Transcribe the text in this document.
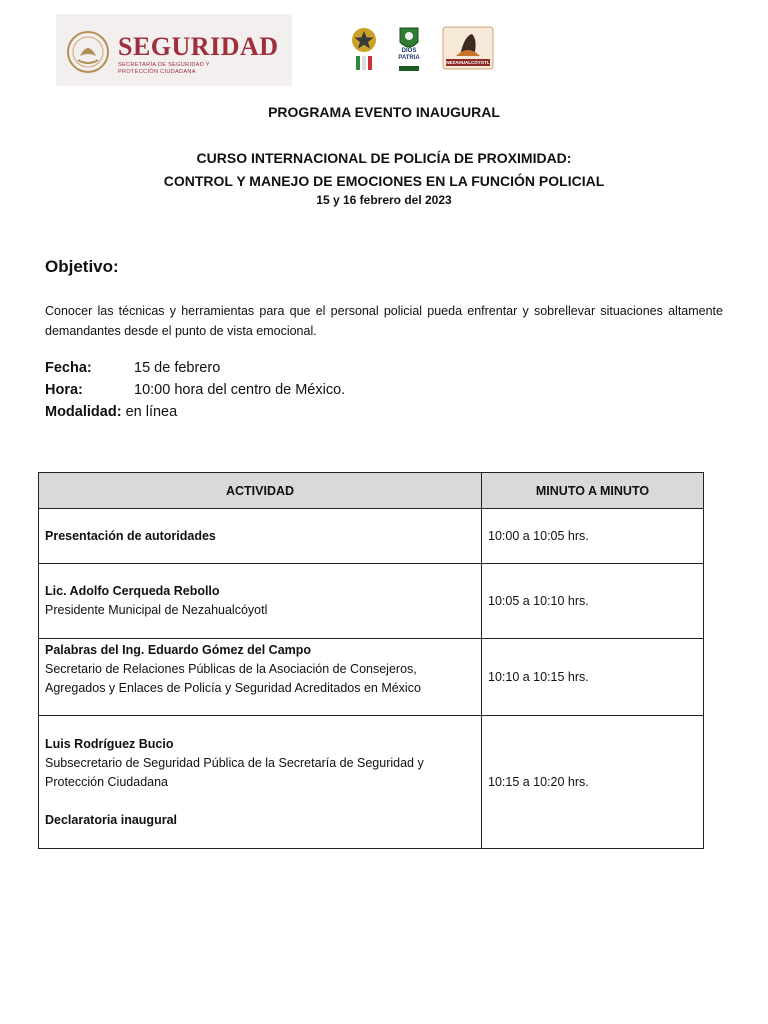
SEGURIDAD
SECRETARÍA DE SEGURIDAD Y PROTECCIÓN CIUDADANA
DIOS PATRIA
NEZAHUALCÓYOTL
PROGRAMA EVENTO INAUGURAL
CURSO INTERNACIONAL DE POLICÍA DE PROXIMIDAD:
CONTROL Y MANEJO DE EMOCIONES EN LA FUNCIÓN POLICIAL
15 y 16 febrero del 2023
Objetivo:
Conocer las técnicas y herramientas para que el personal policial pueda enfrentar y sobrellevar situaciones altamente demandantes desde el punto de vista emocional.
Fecha:	15 de febrero
Hora:	10:00 hora del centro de México.
Modalidad: en línea
ACTIVIDAD	MINUTO A MINUTO

Presentación de autoridades	10:00 a 10:05 hrs.

Lic. Adolfo Cerqueda Rebollo
Presidente Municipal de Nezahualcóyotl	10:05 a 10:10 hrs.

Palabras del Ing. Eduardo Gómez del Campo
Secretario de Relaciones Públicas de la Asociación de Consejeros,
Agregados y Enlaces de Policía y Seguridad Acreditados en México	10:10 a 10:15 hrs.

Luis Rodríguez Bucio
Subsecretario de Seguridad Pública de la Secretaría de Seguridad y
Protección Ciudadana
Declaratoria inaugural	10:15 a 10:20 hrs.
